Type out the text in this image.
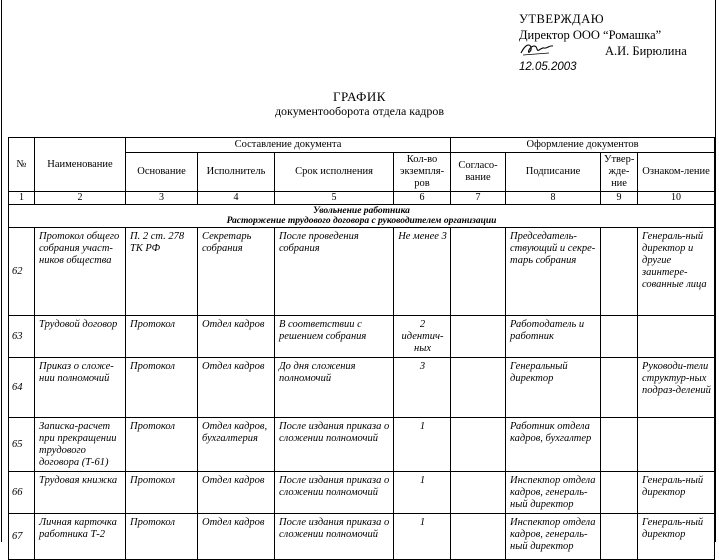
УТВЕРЖДАЮ
Директор ООО “Ромашка”
А.И. Бирюлина
12.05.2003
ГРАФИК
документооборота отдела кадров
№	Наименование	Составление документа				Оформление документов			
		Основание	Исполнитель	Срок исполнения	Кол-во экземпля-ров	Согласо-вание	Подписание	Утвер-жде-ние	Ознаком-ление
1	2	3	4	5	6	7	8	9	10

Увольнение работника
Расторжение трудового договора с руководителем организации									

62	Протокол общего собрания участ-ников общества	П. 2 ст. 278 ТК РФ	Секретарь собрания	После проведения собрания	Не менее 3		Председатель-ствующий и секре-тарь собрания		Генераль-ный директор и другие заинтере-сованные лица
63	Трудовой договор	Протокол	Отдел кадров	В соответствии с решением собрания	2 идентич-ных		Работодатель и работник		
64	Приказ о сложе-нии полномочий	Протокол	Отдел кадров	До дня сложения полномочий	3		Генеральный директор		Руководи-тели структур-ных подраз-делений
65	Записка-расчет при прекращении трудового договора (Т-61)	Протокол	Отдел кадров, бухгалтерия	После издания приказа о сложении полномочий	1		Работник отдела кадров, бухгалтер		
66	Трудовая книжка	Протокол	Отдел кадров	После издания приказа о сложении полномочий	1		Инспектор отдела кадров, генераль-ный директор		Генераль-ный директор
67	Личная карточка работника Т-2	Протокол	Отдел кадров	После издания приказа о сложении полномочий	1		Инспектор отдела кадров, генераль-ный директор		Генераль-ный директор
